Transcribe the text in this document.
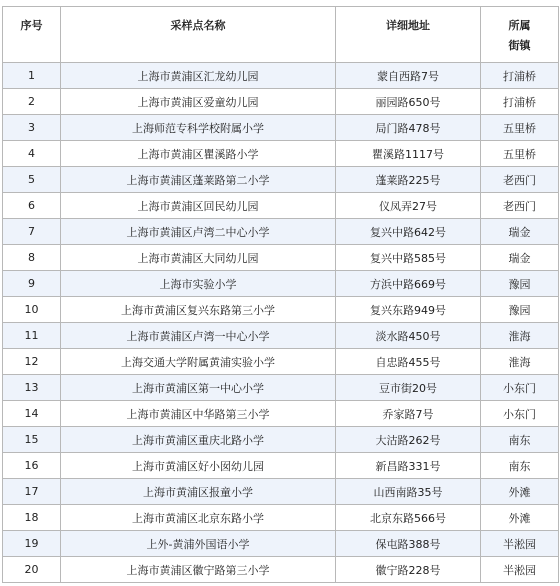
序号	采样点名称	详细地址	所属
街镇

1	上海市黄浦区汇龙幼儿园	蒙自西路7号	打浦桥
2	上海市黄浦区爱童幼儿园	丽园路650号	打浦桥
3	上海师范专科学校附属小学	局门路478号	五里桥
4	上海市黄浦区瞿溪路小学	瞿溪路1117号	五里桥
5	上海市黄浦区蓬莱路第二小学	蓬莱路225号	老西门
6	上海市黄浦区回民幼儿园	仪凤弄27号	老西门
7	上海市黄浦区卢湾二中心小学	复兴中路642号	瑞金
8	上海市黄浦区大同幼儿园	复兴中路585号	瑞金
9	上海市实验小学	方浜中路669号	豫园
10	上海市黄浦区复兴东路第三小学	复兴东路949号	豫园
11	上海市黄浦区卢湾一中心小学	淡水路450号	淮海
12	上海交通大学附属黄浦实验小学	自忠路455号	淮海
13	上海市黄浦区第一中心小学	豆市街20号	小东门
14	上海市黄浦区中华路第三小学	乔家路7号	小东门
15	上海市黄浦区重庆北路小学	大沽路262号	南东
16	上海市黄浦区好小囡幼儿园	新昌路331号	南东
17	上海市黄浦区报童小学	山西南路35号	外滩
18	上海市黄浦区北京东路小学	北京东路566号	外滩
19	上外-黄浦外国语小学	保屯路388号	半淞园
20	上海市黄浦区徽宁路第三小学	徽宁路228号	半淞园
